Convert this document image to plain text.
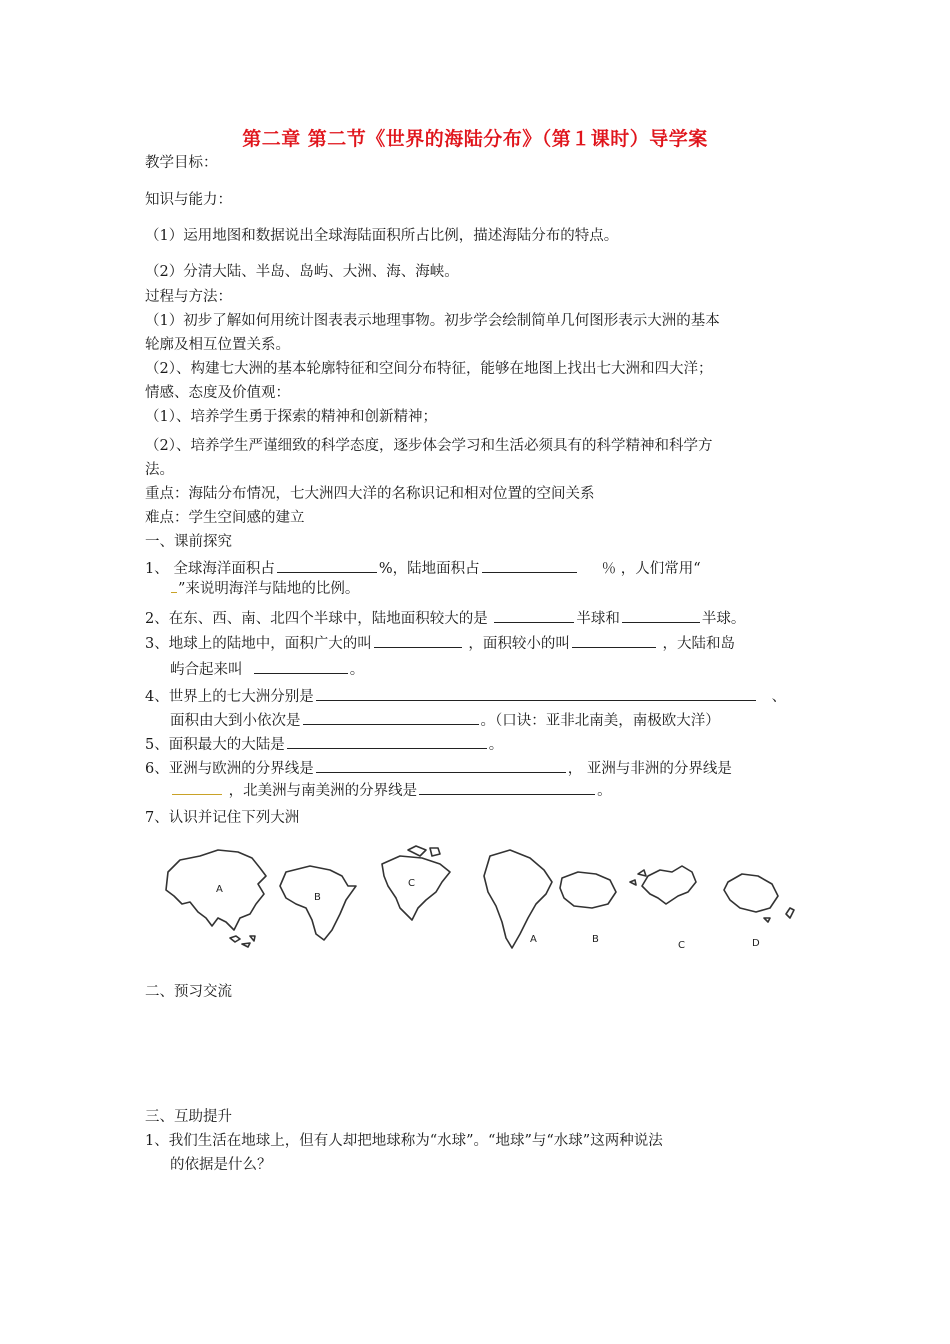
第二章 第二节《世界的海陆分布》（第１课时）导学案
教学目标：
知识与能力：
（1）运用地图和数据说出全球海陆面积所占比例，描述海陆分布的特点。
（2）分清大陆、半岛、岛屿、大洲、海、海峡。
过程与方法：
（1）初步了解如何用统计图表表示地理事物。初步学会绘制简单几何图形表示大洲的基本
轮廓及相互位置关系。
（2）、构建七大洲的基本轮廓特征和空间分布特征，能够在地图上找出七大洲和四大洋；
情感、态度及价值观：
（1）、培养学生勇于探索的精神和创新精神；
（2）、培养学生严谨细致的科学态度，逐步体会学习和生活必须具有的科学精神和科学方
法。
重点：海陆分布情况，七大洲四大洋的名称识记和相对位置的空间关系
难点：学生空间感的建立
一、课前探究
1、 全球海洋面积占	%，陆地面积占	％ ，人们常用“
”来说明海洋与陆地的比例。
2、在东、西、南、北四个半球中，陆地面积较大的是	半球和	半球。
3、地球上的陆地中，面积广大的叫	，面积较小的叫	，大陆和岛
屿合起来叫	。
4、世界上的七大洲分别是	、
面积由大到小依次是	。（口诀：亚非北南美，南极欧大洋）
5、面积最大的大陆是	。
6、亚洲与欧洲的分界线是	， 亚洲与非洲的分界线是
，北美洲与南美洲的分界线是	。
7、认识并记住下列大洲
A
B
C
A	B
C	D
二、预习交流
三、互助提升
1、我们生活在地球上，但有人却把地球称为“水球”。“地球”与“水球”这两种说法
的依据是什么？
